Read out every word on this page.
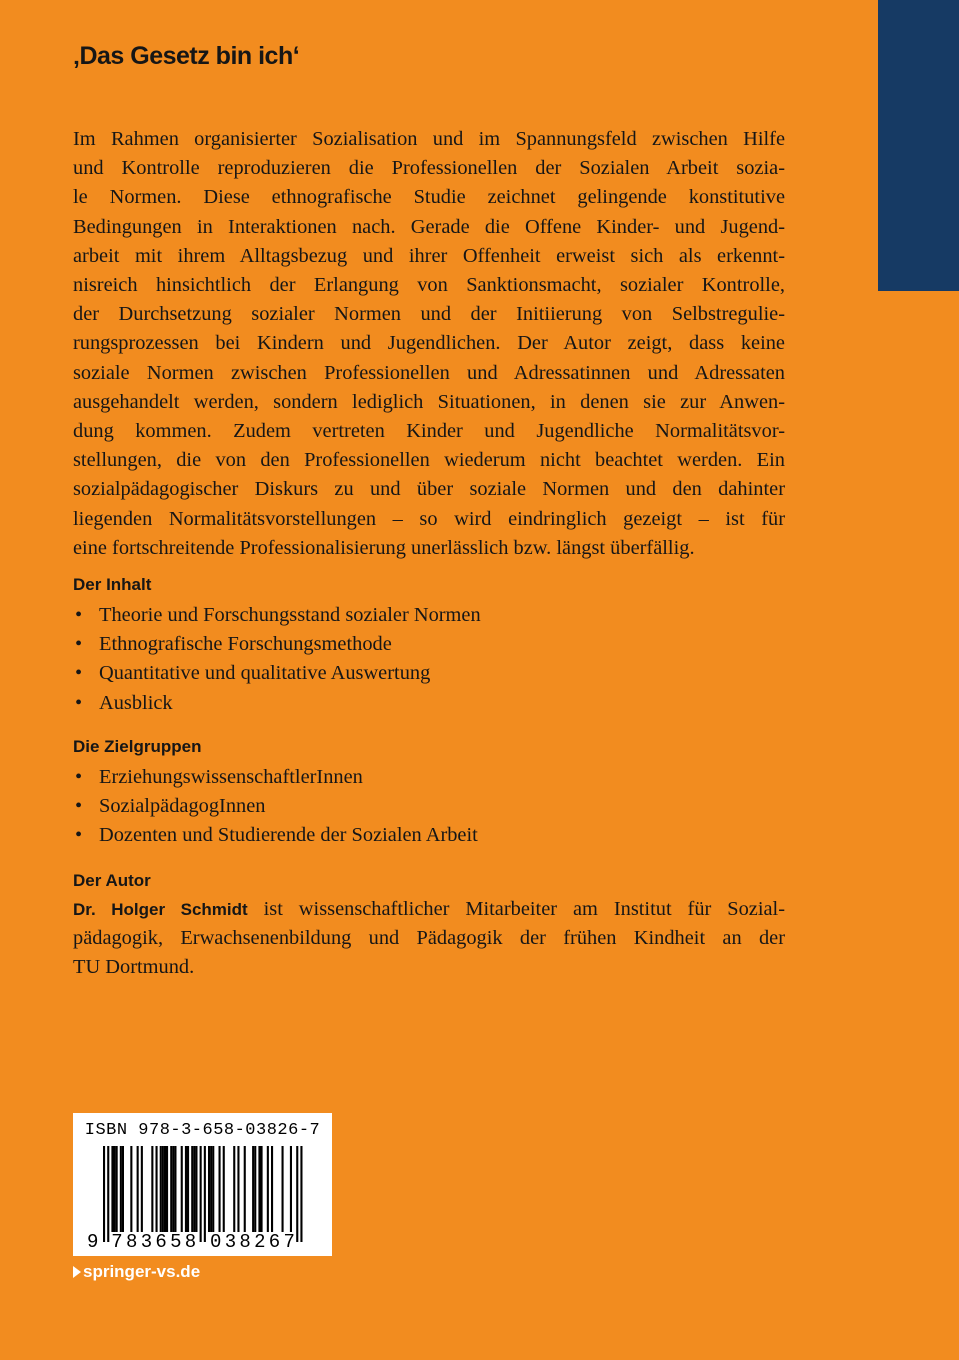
‚Das Gesetz bin ich‘
Im Rahmen organisierter Sozialisation und im Spannungsfeld zwischen Hilfe
und Kontrolle reproduzieren die Professionellen der Sozialen Arbeit sozia-
le Normen. Diese ethnografische Studie zeichnet gelingende konstitutive
Bedingungen in Interaktionen nach. Gerade die Offene Kinder- und Jugend-
arbeit mit ihrem Alltagsbezug und ihrer Offenheit erweist sich als erkennt-
nisreich hinsichtlich der Erlangung von Sanktionsmacht, sozialer Kontrolle,
der Durchsetzung sozialer Normen und der Initiierung von Selbstregulie-
rungsprozessen bei Kindern und Jugendlichen. Der Autor zeigt, dass keine
soziale Normen zwischen Professionellen und Adressatinnen und Adressaten
ausgehandelt werden, sondern lediglich Situationen, in denen sie zur Anwen-
dung kommen. Zudem vertreten Kinder und Jugendliche Normalitätsvor-
stellungen, die von den Professionellen wiederum nicht beachtet werden. Ein
sozialpädagogischer Diskurs zu und über soziale Normen und den dahinter
liegenden Normalitätsvorstellungen – so wird eindringlich gezeigt – ist für
eine fortschreitende Professionalisierung unerlässlich bzw. längst überfällig.
Der Inhalt
• Theorie und Forschungsstand sozialer Normen
• Ethnografische Forschungsmethode
• Quantitative und qualitative Auswertung
• Ausblick
Die Zielgruppen
• ErziehungswissenschaftlerInnen
• SozialpädagogInnen
• Dozenten und Studierende der Sozialen Arbeit
Der Autor
Dr. Holger Schmidt ist wissenschaftlicher Mitarbeiter am Institut für Sozial-
pädagogik, Erwachsenenbildung und Pädagogik der frühen Kindheit an der
TU Dortmund.
ISBN 978-3-658-03826-7
9 7 8 3 6 5 8 0 3 8 2 6 7
springer-vs.de
